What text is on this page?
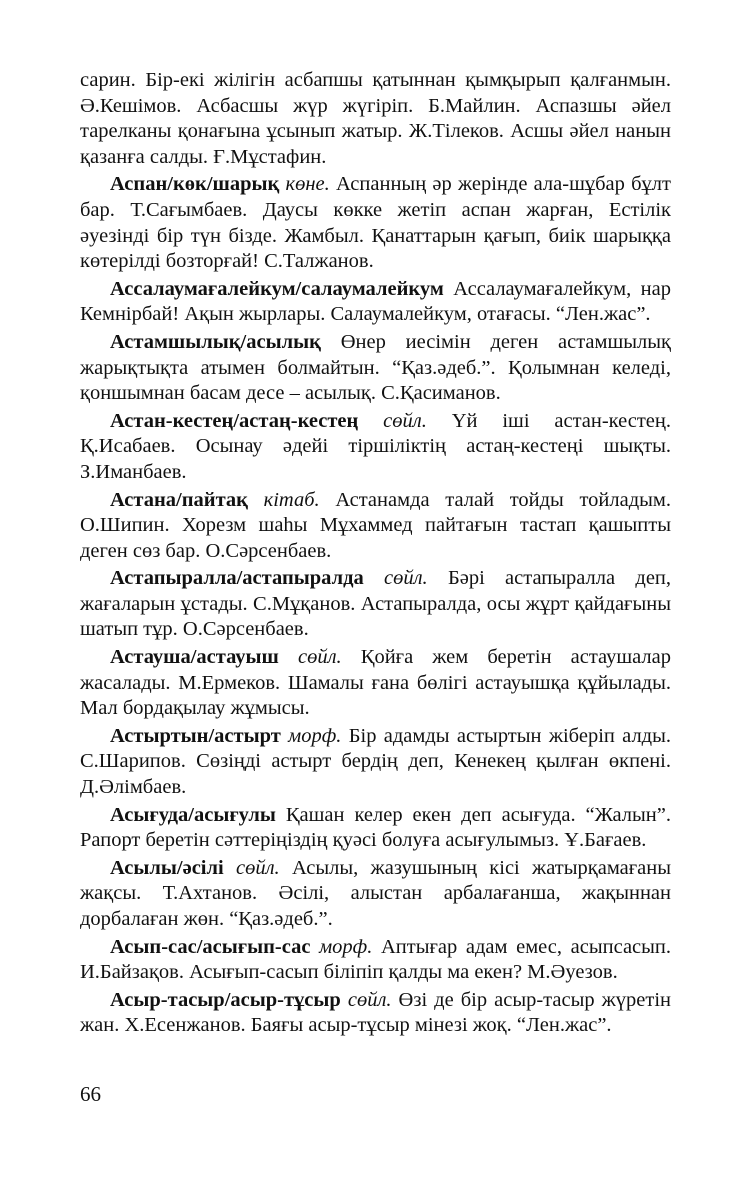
сарин. Бір-екі жілігін асбапшы қатыннан қымқырып қалғанмын. Ә.Кешімов. Асбасшы жүр жүгіріп. Б.Майлин. Аспазшы әйел тарелканы қонағына ұсынып жатыр. Ж.Тілеков. Асшы әйел нанын қазанға салды. Ғ.Мұстафин.

Аспан/көк/шарық көне. Аспанның әр жерінде ала-шұбар бұлт бар. Т.Сағымбаев. Даусы көкке жетіп аспан жарған, Естілік әуезінді бір түн бізде. Жамбыл. Қанаттарын қағып, биік шарыққа көтерілді бозторғай! С.Талжанов.

Ассалаумағалейкум/салаумалейкум Ассалаумағалейкум, нар Кемнірбай! Ақын жырлары. Салаумалейкум, отағасы. “Лен.жас”.

Астамшылық/асылық Өнер иесімін деген астамшылық жарықтықта атымен болмайтын. “Қаз.әдеб.”. Қолымнан келеді, қоншымнан басам десе – асылық. С.Қасиманов.

Астан-кестең/астаң-кестең сөйл. Үй іші астан-кестең. Қ.Исабаев. Осынау әдейі тіршіліктің астаң-кестеңі шықты. З.Иманбаев.

Астана/пайтақ кітаб. Астанамда талай тойды тойладым. О.Шипин. Хорезм шаһы Мұхаммед пайтағын тастап қашыпты деген сөз бар. О.Сәрсенбаев.

Астапыралла/астапыралда сөйл. Бәрі астапыралла деп, жағаларын ұстады. С.Мұқанов. Астапыралда, осы жұрт қайдағыны шатып тұр. О.Сәрсенбаев.

Астауша/астауыш сөйл. Қойға жем беретін астаушалар жасалады. М.Ермеков. Шамалы ғана бөлігі астауышқа құйылады. Мал бордақылау жұмысы.

Астыртын/астырт морф. Бір адамды астыртын жіберіп алды. С.Шарипов. Сөзіңді астырт бердің деп, Кенекең қылған өкпені. Д.Әлімбаев.

Асығуда/асығулы Қашан келер екен деп асығуда. “Жалын”. Рапорт беретін сәттеріңіздің қуәсі болуға асығулымыз. Ұ.Бағаев.

Асылы/әсілі сөйл. Асылы, жазушының кісі жатырқамағаны жақсы. Т.Ахтанов. Әсілі, алыстан арбалағанша, жақыннан дорбалаған жөн. “Қаз.әдеб.”.

Асып-сас/асығып-сас морф. Аптығар адам емес, асыпсасып. И.Байзақов. Асығып-сасып біліпіп қалды ма екен? М.Әуезов.

Асыр-тасыр/асыр-тұсыр сөйл. Өзі де бір асыр-тасыр жүретін жан. Х.Есенжанов. Баяғы асыр-тұсыр мінезі жоқ. “Лен.жас”.

66
